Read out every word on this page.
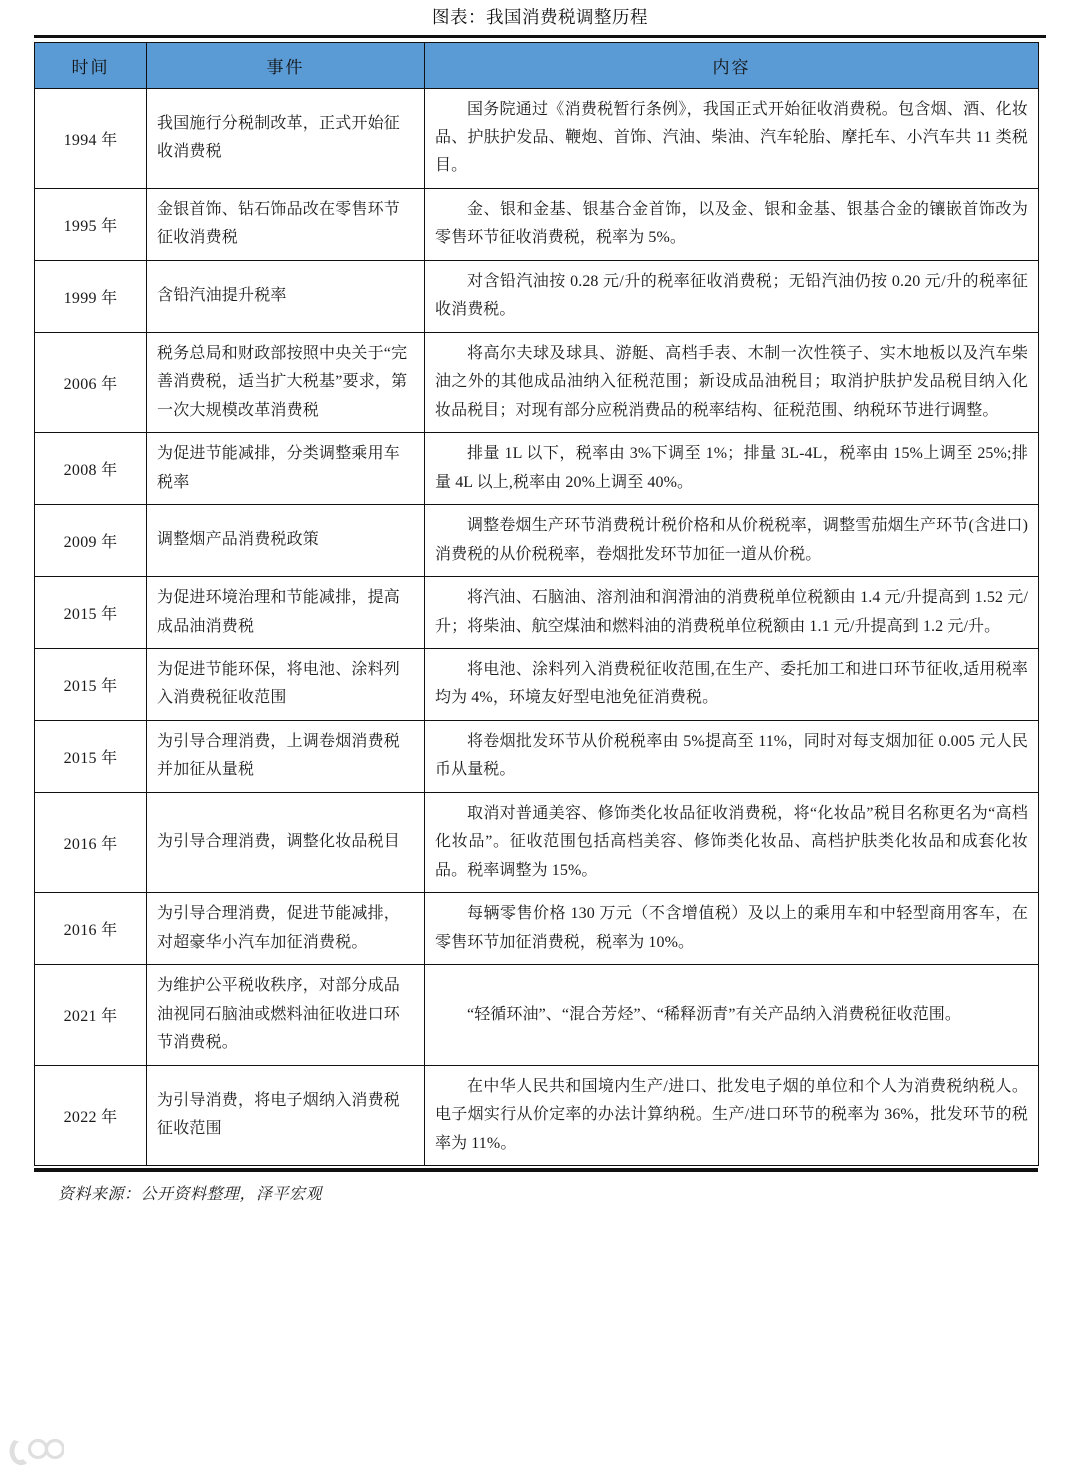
图表：我国消费税调整历程
时间	事件	内容
1994 年	我国施行分税制改革，正式开始征收消费税	国务院通过《消费税暂行条例》，我国正式开始征收消费税。包含烟、酒、化妆品、护肤护发品、鞭炮、首饰、汽油、柴油、汽车轮胎、摩托车、小汽车共 11 类税目。
1995 年	金银首饰、钻石饰品改在零售环节征收消费税	金、银和金基、银基合金首饰，以及金、银和金基、银基合金的镶嵌首饰改为零售环节征收消费税，税率为 5%。
1999 年	含铅汽油提升税率	对含铅汽油按 0.28 元/升的税率征收消费税；无铅汽油仍按 0.20 元/升的税率征收消费税。
2006 年	税务总局和财政部按照中央关于“完善消费税，适当扩大税基”要求，第一次大规模改革消费税	将高尔夫球及球具、游艇、高档手表、木制一次性筷子、实木地板以及汽车柴油之外的其他成品油纳入征税范围；新设成品油税目；取消护肤护发品税目纳入化妆品税目；对现有部分应税消费品的税率结构、征税范围、纳税环节进行调整。
2008 年	为促进节能减排，分类调整乘用车税率	排量 1L 以下，税率由 3%下调至 1%；排量 3L-4L，税率由 15%上调至 25%;排量 4L 以上,税率由 20%上调至 40%。
2009 年	调整烟产品消费税政策	调整卷烟生产环节消费税计税价格和从价税税率，调整雪茄烟生产环节(含进口)消费税的从价税税率，卷烟批发环节加征一道从价税。
2015 年	为促进环境治理和节能减排，提高成品油消费税	将汽油、石脑油、溶剂油和润滑油的消费税单位税额由 1.4 元/升提高到 1.52 元/升；将柴油、航空煤油和燃料油的消费税单位税额由 1.1 元/升提高到 1.2 元/升。
2015 年	为促进节能环保，将电池、涂料列入消费税征收范围	将电池、涂料列入消费税征收范围,在生产、委托加工和进口环节征收,适用税率均为 4%，环境友好型电池免征消费税。
2015 年	为引导合理消费，上调卷烟消费税并加征从量税	将卷烟批发环节从价税税率由 5%提高至 11%，同时对每支烟加征 0.005 元人民币从量税。
2016 年	为引导合理消费，调整化妆品税目	取消对普通美容、修饰类化妆品征收消费税，将“化妆品”税目名称更名为“高档化妆品”。征收范围包括高档美容、修饰类化妆品、高档护肤类化妆品和成套化妆品。税率调整为 15%。
2016 年	为引导合理消费，促进节能减排，对超豪华小汽车加征消费税。	每辆零售价格 130 万元（不含增值税）及以上的乘用车和中轻型商用客车，在零售环节加征消费税，税率为 10%。
2021 年	为维护公平税收秩序，对部分成品油视同石脑油或燃料油征收进口环节消费税。	“轻循环油”、“混合芳烃”、“稀释沥青”有关产品纳入消费税征收范围。
2022 年	为引导消费，将电子烟纳入消费税征收范围	在中华人民共和国境内生产/进口、批发电子烟的单位和个人为消费税纳税人。电子烟实行从价定率的办法计算纳税。生产/进口环节的税率为 36%，批发环节的税率为 11%。
资料来源：公开资料整理，泽平宏观
